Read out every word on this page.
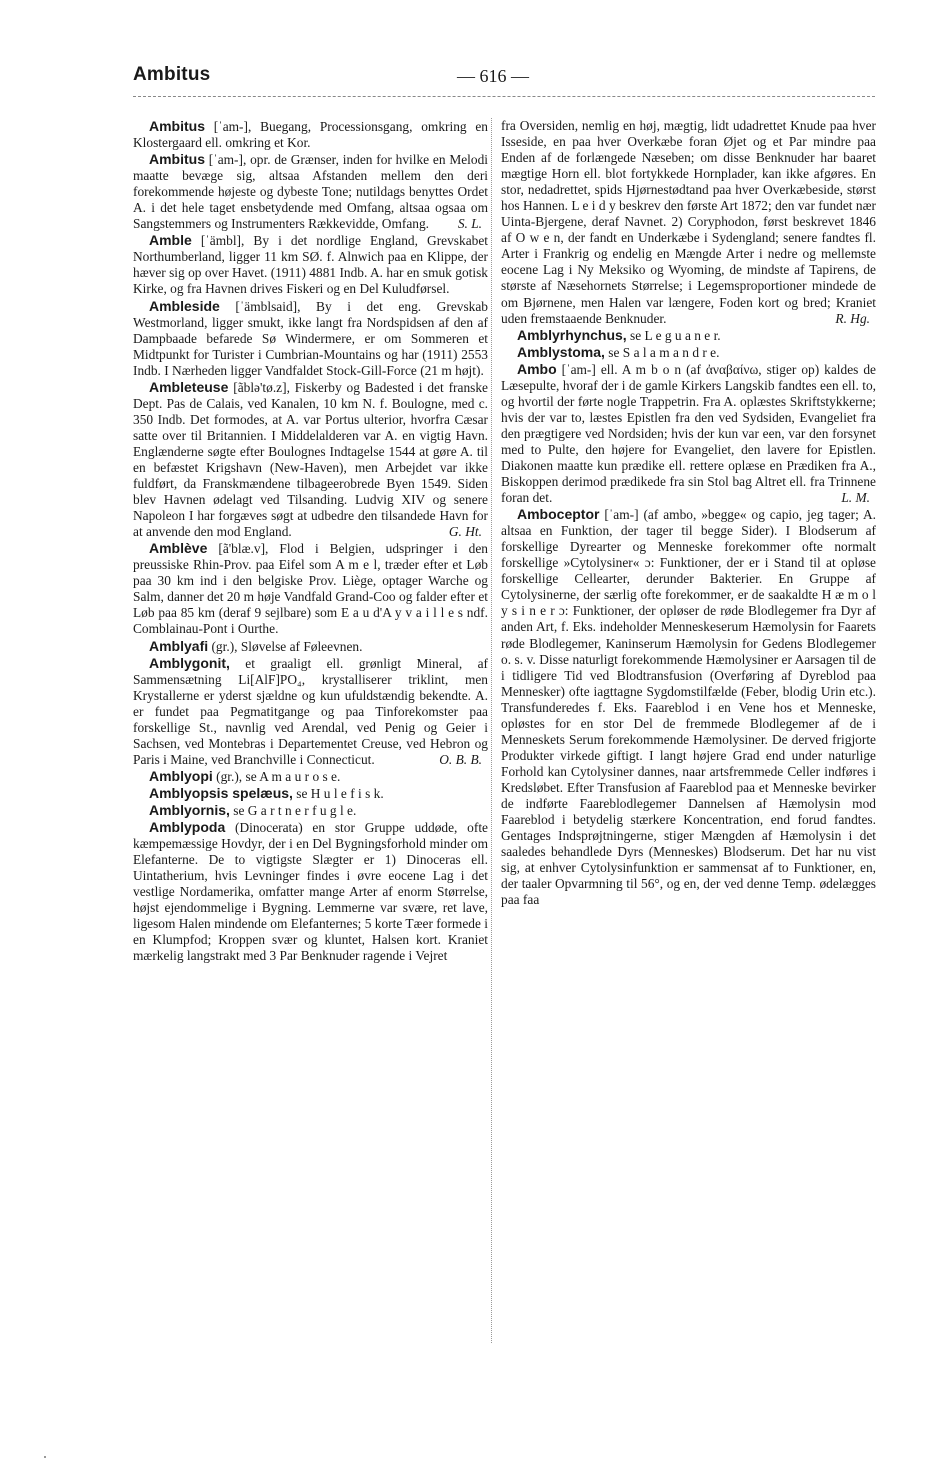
Ambitus	— 616 —

Ambitus [ˈam-], Buegang, Processionsgang, omkring en Klostergaard ell. omkring et Kor.

Ambitus [ˈam-], opr. de Grænser, inden for hvilke en Melodi maatte bevæge sig, altsaa Afstanden mellem den deri forekommende højeste og dybeste Tone; nutildags benyttes Ordet A. i det hele taget ensbetydende med Omfang, altsaa ogsaa om Sangstemmers og Instrumenters Rækkevidde, Omfang.	S. L.

Amble [ˈämbl], By i det nordlige England, Grevskabet Northumberland, ligger 11 km SØ. f. Alnwich paa en Klippe, der hæver sig op over Havet. (1911) 4881 Indb. A. har en smuk gotisk Kirke, og fra Havnen drives Fiskeri og en Del Kuludførsel.

Ambleside [ˈämblsaid], By i det eng. Grevskab Westmorland, ligger smukt, ikke langt fra Nordspidsen af den af Dampbaade befarede Sø Windermere, er om Sommeren et Midtpunkt for Turister i Cumbrian-Mountains og har (1911) 2553 Indb. I Nærheden ligger Vandfaldet Stock-Gill-Force (21 m højt).

Ambleteuse [ãblə'tø.z], Fiskerby og Badested i det franske Dept. Pas de Calais, ved Kanalen, 10 km N. f. Boulogne, med c. 350 Indb. Det formodes, at A. var Portus ulterior, hvorfra Cæsar satte over til Britannien. I Middelalderen var A. en vigtig Havn. Englænderne søgte efter Boulognes Indtagelse 1544 at gøre A. til en befæstet Krigshavn (New-Haven), men Arbejdet var ikke fuldført, da Franskmændene tilbageerobrede Byen 1549. Siden blev Havnen ødelagt ved Tilsanding. Ludvig XIV og senere Napoleon I har forgæves søgt at udbedre den tilsandede Havn for at anvende den mod England.	G. Ht.

Amblève [ã'blæ.v], Flod i Belgien, udspringer i den preussiske Rhin-Prov. paa Eifel som A m e l, træder efter et Løb paa 30 km ind i den belgiske Prov. Liège, optager Warche og Salm, danner det 20 m høje Vandfald Grand-Coo og falder efter et Løb paa 85 km (deraf 9 sejlbare) som E a u d'A y v a i l l e s ndf. Comblainau-Pont i Ourthe.

Amblyafi (gr.), Sløvelse af Føleevnen.

Amblygonit, et graaligt ell. grønligt Mineral, af Sammensætning Li[AlF]PO₄, krystalliserer triklint, men Krystallerne er yderst sjældne og kun ufuldstændig bekendte. A. er fundet paa Pegmatitgange og paa Tinforekomster paa forskellige St., navnlig ved Arendal, ved Penig og Geier i Sachsen, ved Montebras i Departementet Creuse, ved Hebron og Paris i Maine, ved Branchville i Connecticut.	O. B. B.

Amblyopi (gr.), se A m a u r o s e.

Amblyopsis spelæus, se H u l e f i s k.

Amblyornis, se G a r t n e r f u g l e.

Amblypoda (Dinocerata) en stor Gruppe uddøde, ofte kæmpemæssige Hovdyr, der i en Del Bygningsforhold minder om Elefanterne. De to vigtigste Slægter er 1) Dinoceras ell. Uintatherium, hvis Levninger findes i øvre eocene Lag i det vestlige Nordamerika, omfatter mange Arter af enorm Størrelse, højst ejendommelige i Bygning. Lemmerne var svære, ret lave, ligesom Halen mindende om Elefanternes; 5 korte Tæer formede i en Klumpfod; Kroppen svær og kluntet, Halsen kort. Kraniet mærkelig langstrakt med 3 Par Benknuder ragende i Vejret

fra Oversiden, nemlig en høj, mægtig, lidt udadrettet Knude paa hver Isseside, en paa hver Overkæbe foran Øjet og et Par mindre paa Enden af de forlængede Næseben; om disse Benknuder har baaret mægtige Horn ell. blot fortykkede Hornplader, kan ikke afgøres. En stor, nedadrettet, spids Hjørnestødtand paa hver Overkæbeside, størst hos Hannen. L e i d y beskrev den første Art 1872; den var fundet nær Uinta-Bjergene, deraf Navnet. 2) Coryphodon, først beskrevet 1846 af O w e n, der fandt en Underkæbe i Sydengland; senere fandtes fl. Arter i Frankrig og endelig en Mængde Arter i nedre og mellemste eocene Lag i Ny Meksiko og Wyoming, de mindste af Tapirens, de største af Næsehornets Størrelse; i Legemsproportioner mindede de om Bjørnene, men Halen var længere, Foden kort og bred; Kraniet uden fremstaaende Benknuder.	R. Hg.

Amblyrhynchus, se L e g u a n e r.

Amblystoma, se S a l a m a n d r e.

Ambo [ˈam-] ell. A m b o n (af ἀναβαίνω, stiger op) kaldes de Læsepulte, hvoraf der i de gamle Kirkers Langskib fandtes een ell. to, og hvortil der førte nogle Trappetrin. Fra A. oplæstes Skriftstykkerne; hvis der var to, læstes Epistlen fra den ved Sydsiden, Evangeliet fra den prægtigere ved Nordsiden; hvis der kun var een, var den forsynet med to Pulte, den højere for Evangeliet, den lavere for Epistlen. Diakonen maatte kun prædike ell. rettere oplæse en Prædiken fra A., Biskoppen derimod prædikede fra sin Stol bag Altret ell. fra Trinnene foran det.	L. M.

Amboceptor [ˈam-] (af ambo, »begge« og capio, jeg tager; A. altsaa en Funktion, der tager til begge Sider). I Blodserum af forskellige Dyrearter og Menneske forekommer ofte normalt forskellige »Cytolysiner« ɔ: Funktioner, der er i Stand til at opløse forskellige Cellearter, derunder Bakterier. En Gruppe af Cytolysinerne, der særlig ofte forekommer, er de saakaldte H æ m o l y s i n e r ɔ: Funktioner, der opløser de røde Blodlegemer fra Dyr af anden Art, f. Eks. indeholder Menneskeserum Hæmolysin for Faarets røde Blodlegemer, Kaninserum Hæmolysin for Gedens Blodlegemer o. s. v. Disse naturligt forekommende Hæmolysiner er Aarsagen til de i tidligere Tid ved Blodtransfusion (Overføring af Dyreblod paa Mennesker) ofte iagttagne Sygdomstilfælde (Feber, blodig Urin etc.). Transfunderedes f. Eks. Faareblod i en Vene hos et Menneske, opløstes for en stor Del de fremmede Blodlegemer af de i Menneskets Serum forekommende Hæmolysiner. De derved frigjorte Produkter virkede giftigt. I langt højere Grad end under naturlige Forhold kan Cytolysiner dannes, naar artsfremmede Celler indføres i Kredsløbet. Efter Transfusion af Faareblod paa et Menneske bevirker de indførte Faareblodlegemer Dannelsen af Hæmolysin mod Faareblod i betydelig stærkere Koncentration, end forud fandtes. Gentages Indsprøjtningerne, stiger Mængden af Hæmolysin i det saaledes behandlede Dyrs (Menneskes) Blodserum. Det har nu vist sig, at enhver Cytolysinfunktion er sammensat af to Funktioner, en, der taaler Opvarmning til 56°, og en, der ved denne Temp. ødelægges paa faa
